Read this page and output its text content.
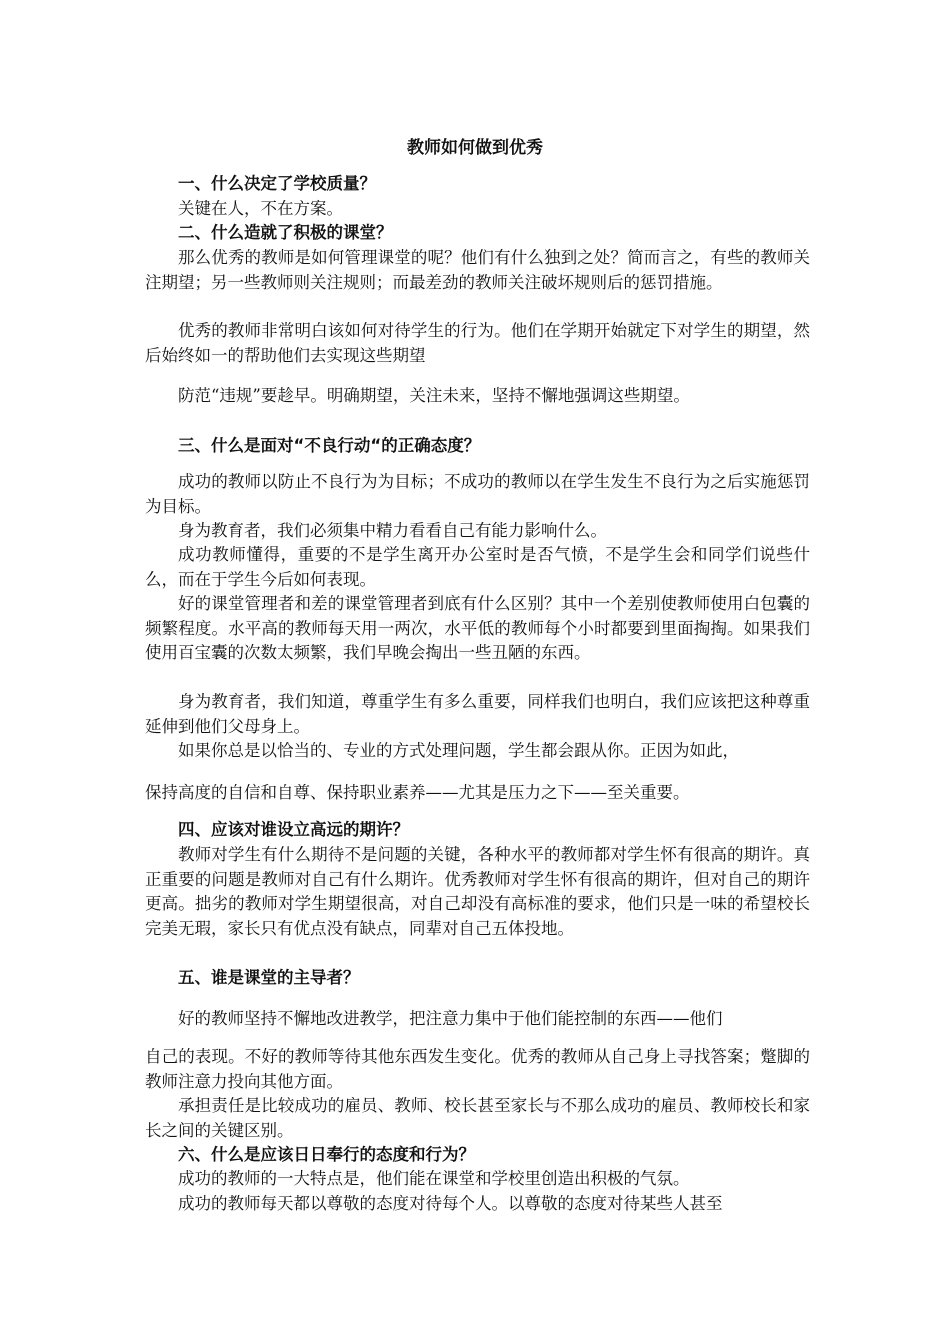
教师如何做到优秀

一、什么决定了学校质量？

关键在人，不在方案。

二、什么造就了积极的课堂？

那么优秀的教师是如何管理课堂的呢？他们有什么独到之处？简而言之，有些的教师关注期望；另一些教师则关注规则；而最差劲的教师关注破坏规则后的惩罚措施。

优秀的教师非常明白该如何对待学生的行为。他们在学期开始就定下对学生的期望，然后始终如一的帮助他们去实现这些期望

防范“违规”要趁早。明确期望，关注未来，坚持不懈地强调这些期望。

三、什么是面对“不良行动“的正确态度？

成功的教师以防止不良行为为目标；不成功的教师以在学生发生不良行为之后实施惩罚为目标。

身为教育者，我们必须集中精力看看自己有能力影响什么。

成功教师懂得，重要的不是学生离开办公室时是否气愤，不是学生会和同学们说些什么，而在于学生今后如何表现。

好的课堂管理者和差的课堂管理者到底有什么区别？其中一个差别使教师使用白包囊的频繁程度。水平高的教师每天用一两次，水平低的教师每个小时都要到里面掏掏。如果我们使用百宝囊的次数太频繁，我们早晚会掏出一些丑陋的东西。

身为教育者，我们知道，尊重学生有多么重要，同样我们也明白，我们应该把这种尊重延伸到他们父母身上。

如果你总是以恰当的、专业的方式处理问题，学生都会跟从你。正因为如此，

保持高度的自信和自尊、保持职业素养——尤其是压力之下——至关重要。

四、应该对谁设立高远的期许？

教师对学生有什么期待不是问题的关键，各种水平的教师都对学生怀有很高的期许。真正重要的问题是教师对自己有什么期许。优秀教师对学生怀有很高的期许，但对自己的期许更高。拙劣的教师对学生期望很高，对自己却没有高标准的要求，他们只是一味的希望校长完美无瑕，家长只有优点没有缺点，同辈对自己五体投地。

五、谁是课堂的主导者？

好的教师坚持不懈地改进教学，把注意力集中于他们能控制的东西——他们

自己的表现。不好的教师等待其他东西发生变化。优秀的教师从自己身上寻找答案；蹩脚的教师注意力投向其他方面。

承担责任是比较成功的雇员、教师、校长甚至家长与不那么成功的雇员、教师校长和家长之间的关键区别。

六、什么是应该日日奉行的态度和行为？

成功的教师的一大特点是，他们能在课堂和学校里创造出积极的气氛。

成功的教师每天都以尊敬的态度对待每个人。以尊敬的态度对待某些人甚至
